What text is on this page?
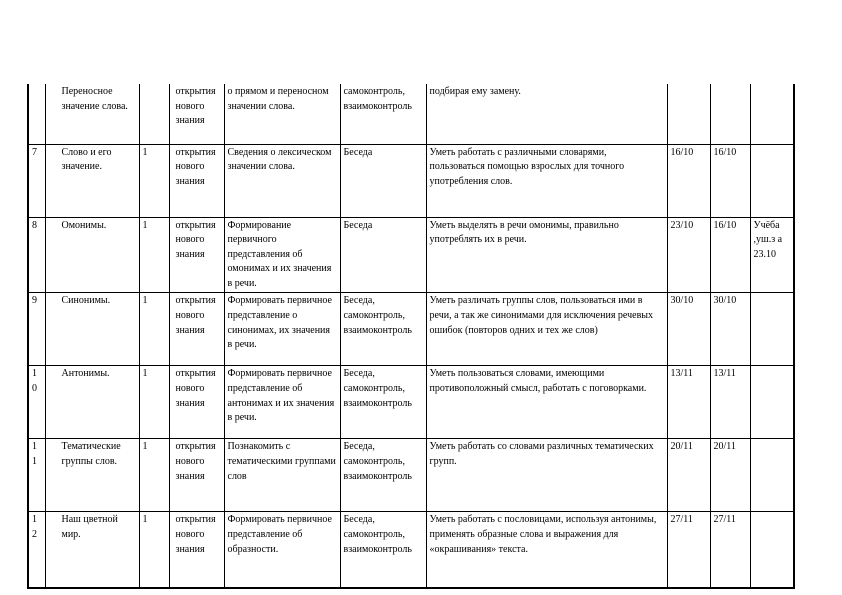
	Переносное значение слова.		открытия нового знания	о прямом и переносном значении слова.	самоконтроль, взаимоконтроль	подбирая ему замену.			
7	Слово и его значение.	1	открытия нового знания	Сведения о лексическом значении слова.	Беседа	Уметь работать с различными словарями, пользоваться помощью взрослых для точного употребления слов.	16/10	16/10	
8	Омонимы.	1	открытия нового знания	Формирование первичного представления об омонимах и их значения в речи.	Беседа	Уметь выделять в речи омонимы, правильно употреблять их в речи.	23/10	16/10	Учёба ,уш.з а 23.10
9	Синонимы.	1	открытия нового знания	Формировать первичное представление о синонимах, их значения в речи.	Беседа, самоконтроль, взаимоконтроль	Уметь различать группы слов, пользоваться ими в речи, а так же синонимами для исключения речевых ошибок (повторов одних и тех же слов)	30/10	30/10	
10	Антонимы.	1	открытия нового знания	Формировать первичное представление об антонимах и их значения в речи.	Беседа, самоконтроль, взаимоконтроль	Уметь пользоваться словами, имеющими противоположный смысл, работать с поговорками.	13/11	13/11	
11	Тематические группы слов.	1	открытия нового знания	Познакомить с тематическими группами слов	Беседа, самоконтроль, взаимоконтроль	Уметь работать со словами различных тематических групп.	20/11	20/11	
12	Наш цветной мир.	1	открытия нового знания	Формировать первичное представление об образности.	Беседа, самоконтроль, взаимоконтроль	Уметь работать с пословицами, используя антонимы, применять образные слова и выражения для «окрашивания» текста.	27/11	27/11	
